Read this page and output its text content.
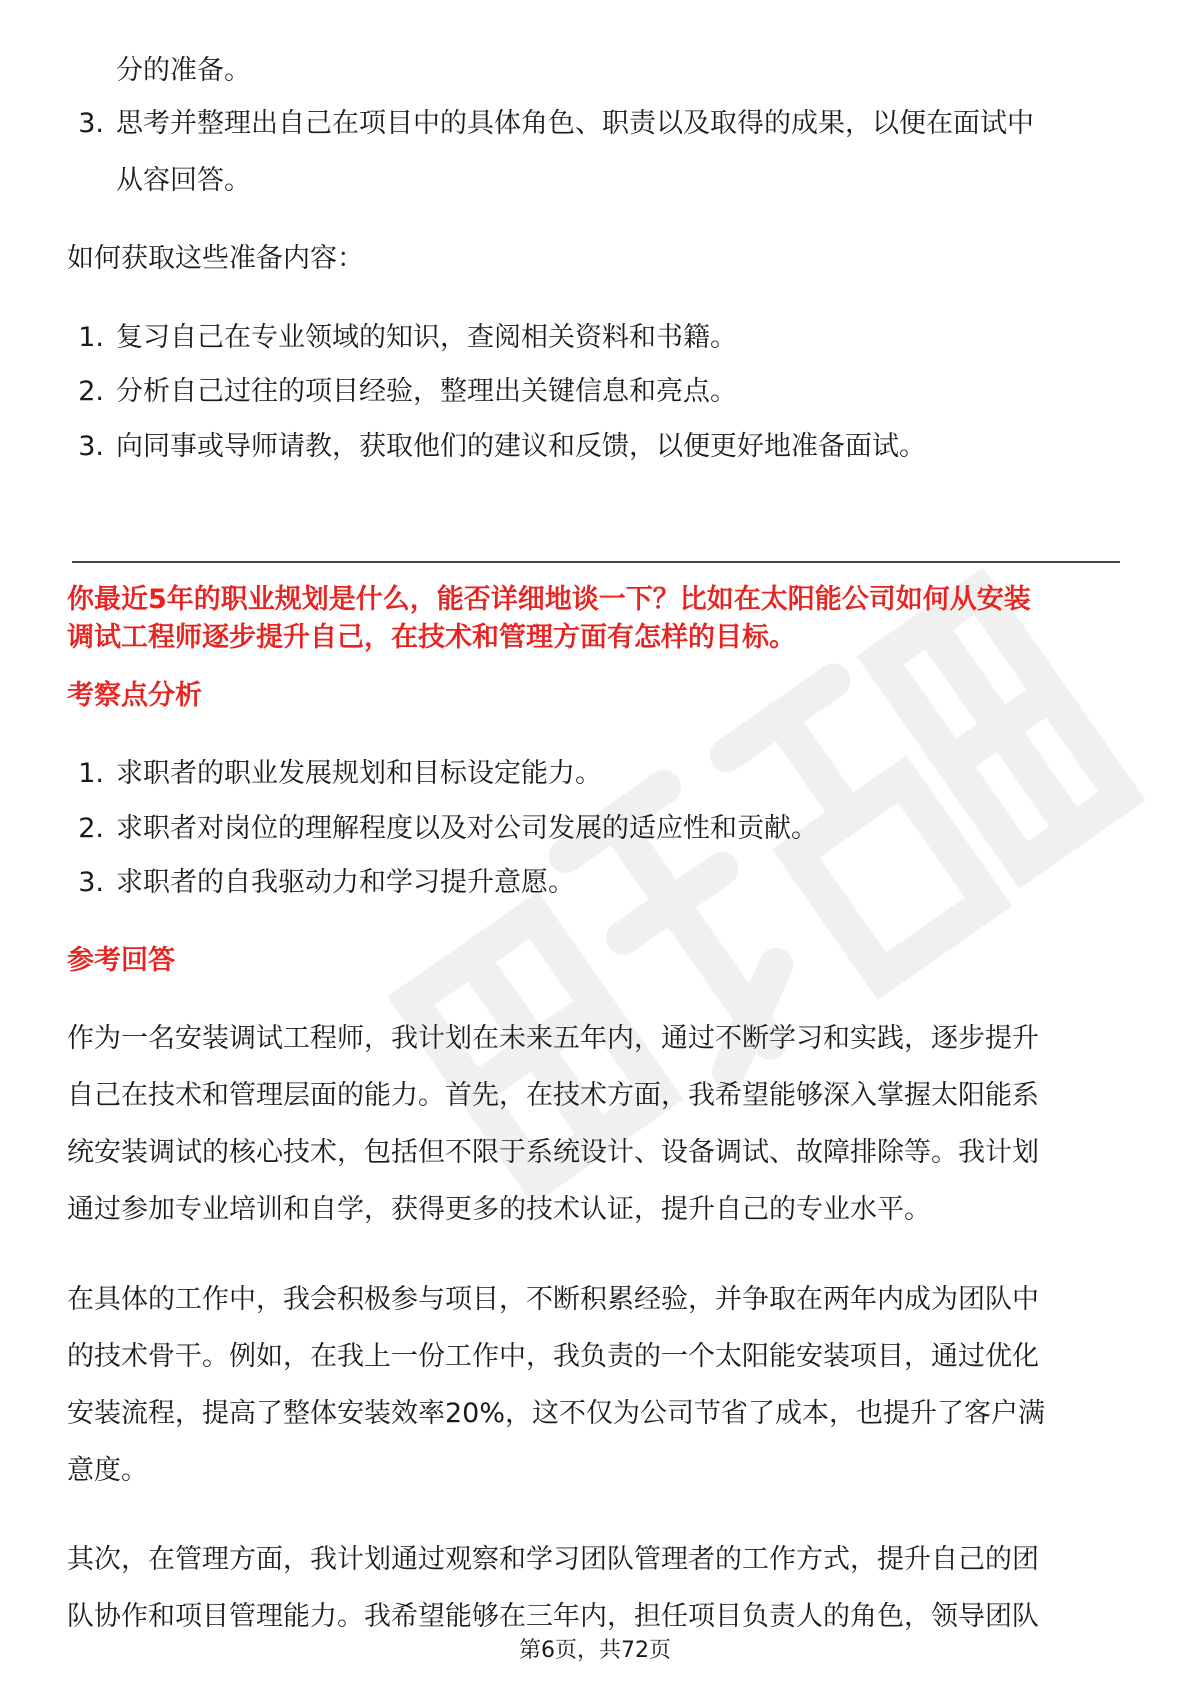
分的准备。

3. 思考并整理出自己在项目中的具体角色、职责以及取得的成果，以便在面试中
从容回答。

如何获取这些准备内容：

1. 复习自己在专业领域的知识，查阅相关资料和书籍。
2. 分析自己过往的项目经验，整理出关键信息和亮点。
3. 向同事或导师请教，获取他们的建议和反馈，以便更好地准备面试。
你最近5年的职业规划是什么，能否详细地谈一下？比如在太阳能公司如何从安装
调试工程师逐步提升自己，在技术和管理方面有怎样的目标。
考察点分析
1. 求职者的职业发展规划和目标设定能力。
2. 求职者对岗位的理解程度以及对公司发展的适应性和贡献。
3. 求职者的自我驱动力和学习提升意愿。
参考回答
作为一名安装调试工程师，我计划在未来五年内，通过不断学习和实践，逐步提升
自己在技术和管理层面的能力。首先，在技术方面，我希望能够深入掌握太阳能系
统安装调试的核心技术，包括但不限于系统设计、设备调试、故障排除等。我计划
通过参加专业培训和自学，获得更多的技术认证，提升自己的专业水平。
在具体的工作中，我会积极参与项目，不断积累经验，并争取在两年内成为团队中
的技术骨干。例如，在我上一份工作中，我负责的一个太阳能安装项目，通过优化
安装流程，提高了整体安装效率20%，这不仅为公司节省了成本，也提升了客户满
意度。
其次，在管理方面，我计划通过观察和学习团队管理者的工作方式，提升自己的团
队协作和项目管理能力。我希望能够在三年内，担任项目负责人的角色，领导团队
第6页，共72页
